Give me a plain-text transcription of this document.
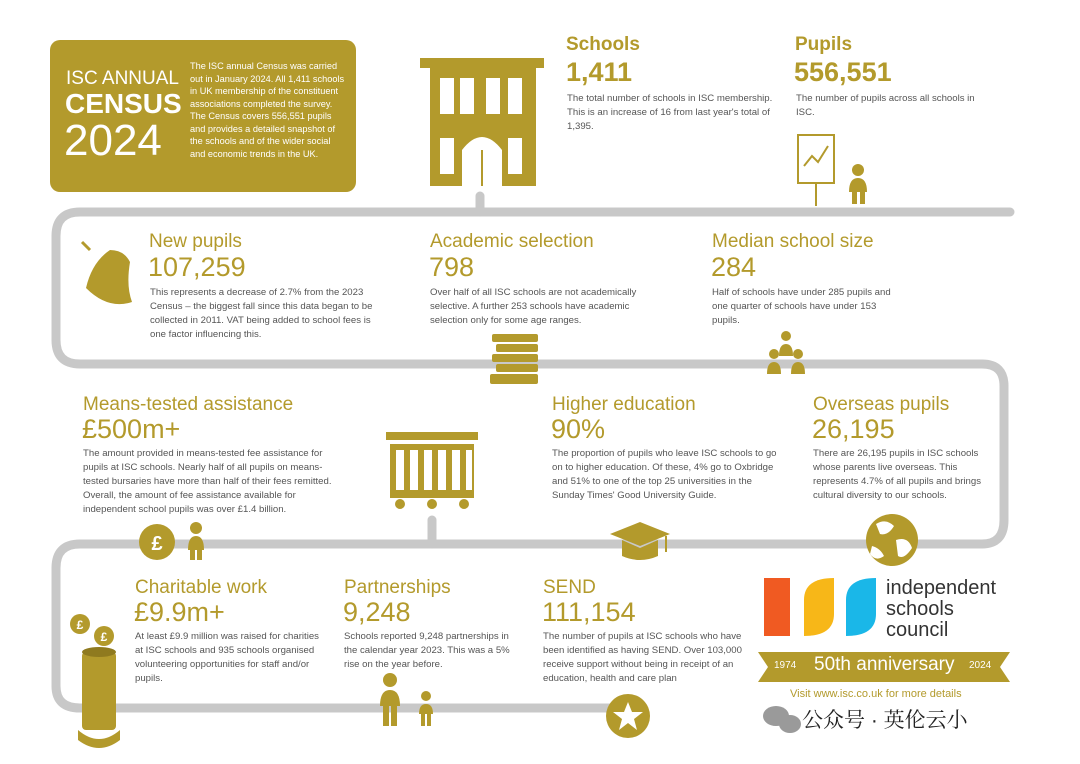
£
£
£
ISC ANNUAL
CENSUS
2024
The ISC annual Census was carried out in January 2024. All 1,411 schools in UK membership of the constituent associations completed the survey. The Census covers 556,551 pupils and provides a detailed snapshot of the schools and of the wider social and economic trends in the UK.
Schools
1,411
The total number of schools in ISC membership. This is an increase of 16 from last year's total of 1,395.
Pupils
556,551
The number of pupils across all schools in ISC.
New pupils
107,259
This represents a decrease of 2.7% from the 2023 Census – the biggest fall since this data began to be collected in 2011. VAT being added to school fees is one factor influencing this.
Academic selection
798
Over half of all ISC schools are not academically selective. A further 253 schools have academic selection only for some age ranges.
Median school size
284
Half of schools have under 285 pupils and one quarter of schools have under 153 pupils.
Means-tested assistance
£500m+
The amount provided in means-tested fee assistance for pupils at ISC schools. Nearly half of all pupils on means-tested bursaries have more than half of their fees remitted. Overall, the amount of fee assistance available for independent school pupils was over £1.4 billion.
Higher education
90%
The proportion of pupils who leave ISC schools to go on to higher education. Of these, 4% go to Oxbridge and 51% to one of the top 25 universities in the Sunday Times' Good University Guide.
Overseas pupils
26,195
There are 26,195 pupils in ISC schools whose parents live overseas. This represents 4.7% of all pupils and brings cultural diversity to our schools.
Charitable work
£9.9m+
At least £9.9 million was raised for charities at ISC schools and 935 schools organised volunteering opportunities for staff and/or pupils.
Partnerships
9,248
Schools reported 9,248 partnerships in the calendar year 2023. This was a 5% rise on the year before.
SEND
111,154
The number of pupils at ISC schools who have been identified as having SEND. Over 103,000 receive support without being in receipt of an education, health and care plan
independent
schools
council
1974 50th anniversary 2024
Visit www.isc.co.uk for more details
公众号 · 英伦云小
